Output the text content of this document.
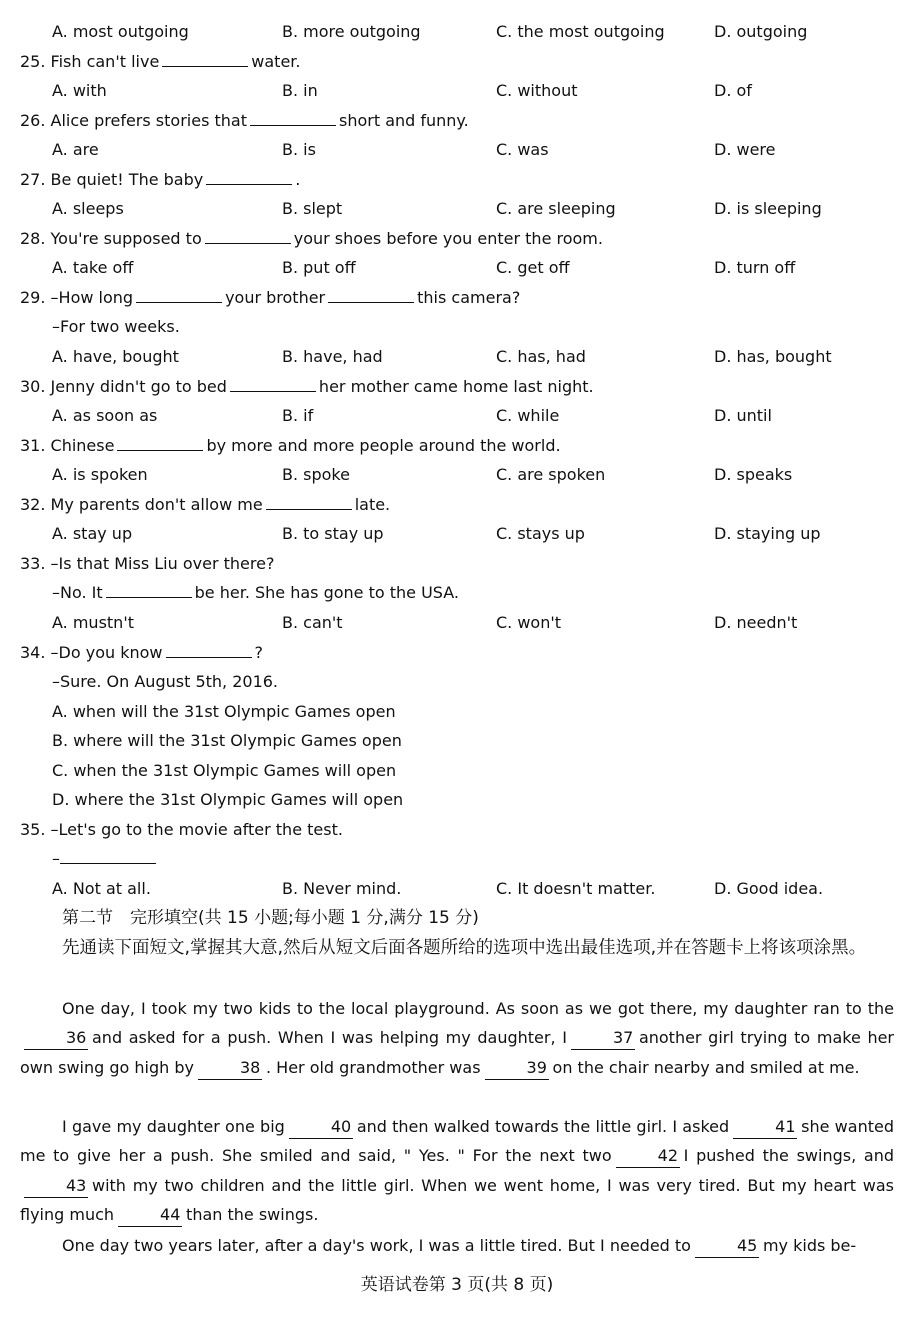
A. most outgoing	B. more outgoing	C. the most outgoing	D. outgoing
25. Fish can't live	water.
A. with	B. in	C. without	D. of
26. Alice prefers stories that	short and funny.
A. are	B. is	C. was	D. were
27. Be quiet! The baby	.
A. sleeps	B. slept	C. are sleeping	D. is sleeping
28. You're supposed to	your shoes before you enter the room.
A. take off	B. put off	C. get off	D. turn off
29. –How long	your brother	this camera?
–For two weeks.
A. have, bought	B. have, had	C. has, had	D. has, bought
30. Jenny didn't go to bed	her mother came home last night.
A. as soon as	B. if	C. while	D. until
31. Chinese	by more and more people around the world.
A. is spoken	B. spoke	C. are spoken	D. speaks
32. My parents don't allow me	late.
A. stay up	B. to stay up	C. stays up	D. staying up
33. –Is that Miss Liu over there?
–No. It	be her. She has gone to the USA.
A. mustn't	B. can't	C. won't	D. needn't
34. –Do you know	?
–Sure. On August 5th, 2016.
A. when will the 31st Olympic Games open
B. where will the 31st Olympic Games open
C. when the 31st Olympic Games will open
D. where the 31st Olympic Games will open
35. –Let's go to the movie after the test.
–
A. Not at all.	B. Never mind.	C. It doesn't matter.	D. Good idea.
第二节　完形填空(共 15 小题;每小题 1 分,满分 15 分)
先通读下面短文,掌握其大意,然后从短文后面各题所给的选项中选出最佳选项,并在答题卡上将该项涂黑。
One day, I took my two kids to the local playground. As soon as we got there, my daughter ran to the36 and asked for a push. When I was helping my daughter, I	37 another girl trying to make her own swing go high by	38 . Her old grandmother was	39 on the chair nearby and smiled at me.
I gave my daughter one big	40 and then walked towards the little girl. I asked	41 she wanted me to give her a push. She smiled and said, " Yes. " For the next two	42 I pushed the swings, and43 with my two children and the little girl. When we went home, I was very tired. But my heart was flying much	44 than the swings.
One day two years later, after a day's work, I was a little tired. But I needed to	45 my kids be-
英语试卷第 3 页(共 8 页)
